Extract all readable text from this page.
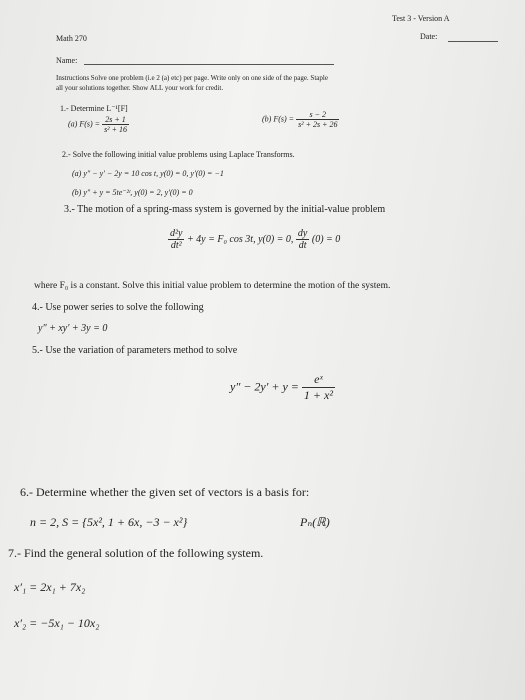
Test 3 - Version A
Math 270	Date:
Name:
Instructions Solve one problem (i.e 2 (a) etc) per page. Write only on one side of the page. Staple
all your solutions together. Show ALL your work for credit.
1.- Determine L⁻¹[F]
(a) $F(s) = \frac{2s + 1}{\text{s² + 16}}$	(b) $F(s) = \frac{s - 2}{\text{s² + 2s + 26}}$
2.- Solve the following initial value problems using Laplace Transforms.
(a) y″ − y′ − 2y = 10 cos t, y(0) = 0, y′(0) = −1
(b) y″ + y = 5te⁻²ᵗ, y(0) = 2, y′(0) = 0
3.- The motion of a spring-mass system is governed by the initial-value problem
$\frac{\text{d²y}}{\text{dt²}} + 4y = F_0$ cos 3t, y(0) = 0, $\frac{dy}{dt} (0) = 0$
where F₀ is a constant. Solve this initial value problem to determine the motion of the system.
4.- Use power series to solve the following
y″ + xy′ + 3y = 0
5.- Use the variation of parameters method to solve
$y'' - 2y' + y = \frac{\text{eˣ}}{\text{1 + x²}}$
6.- Determine whether the given set of vectors is a basis for:
n = 2, S = {5x², 1 + 6x, −3 − x²}	Pₙ(ℝ)
7.- Find the general solution of the following system.
x′₁ = 2x₁ + 7x₂
x′₂ = −5x₁ − 10x₂
